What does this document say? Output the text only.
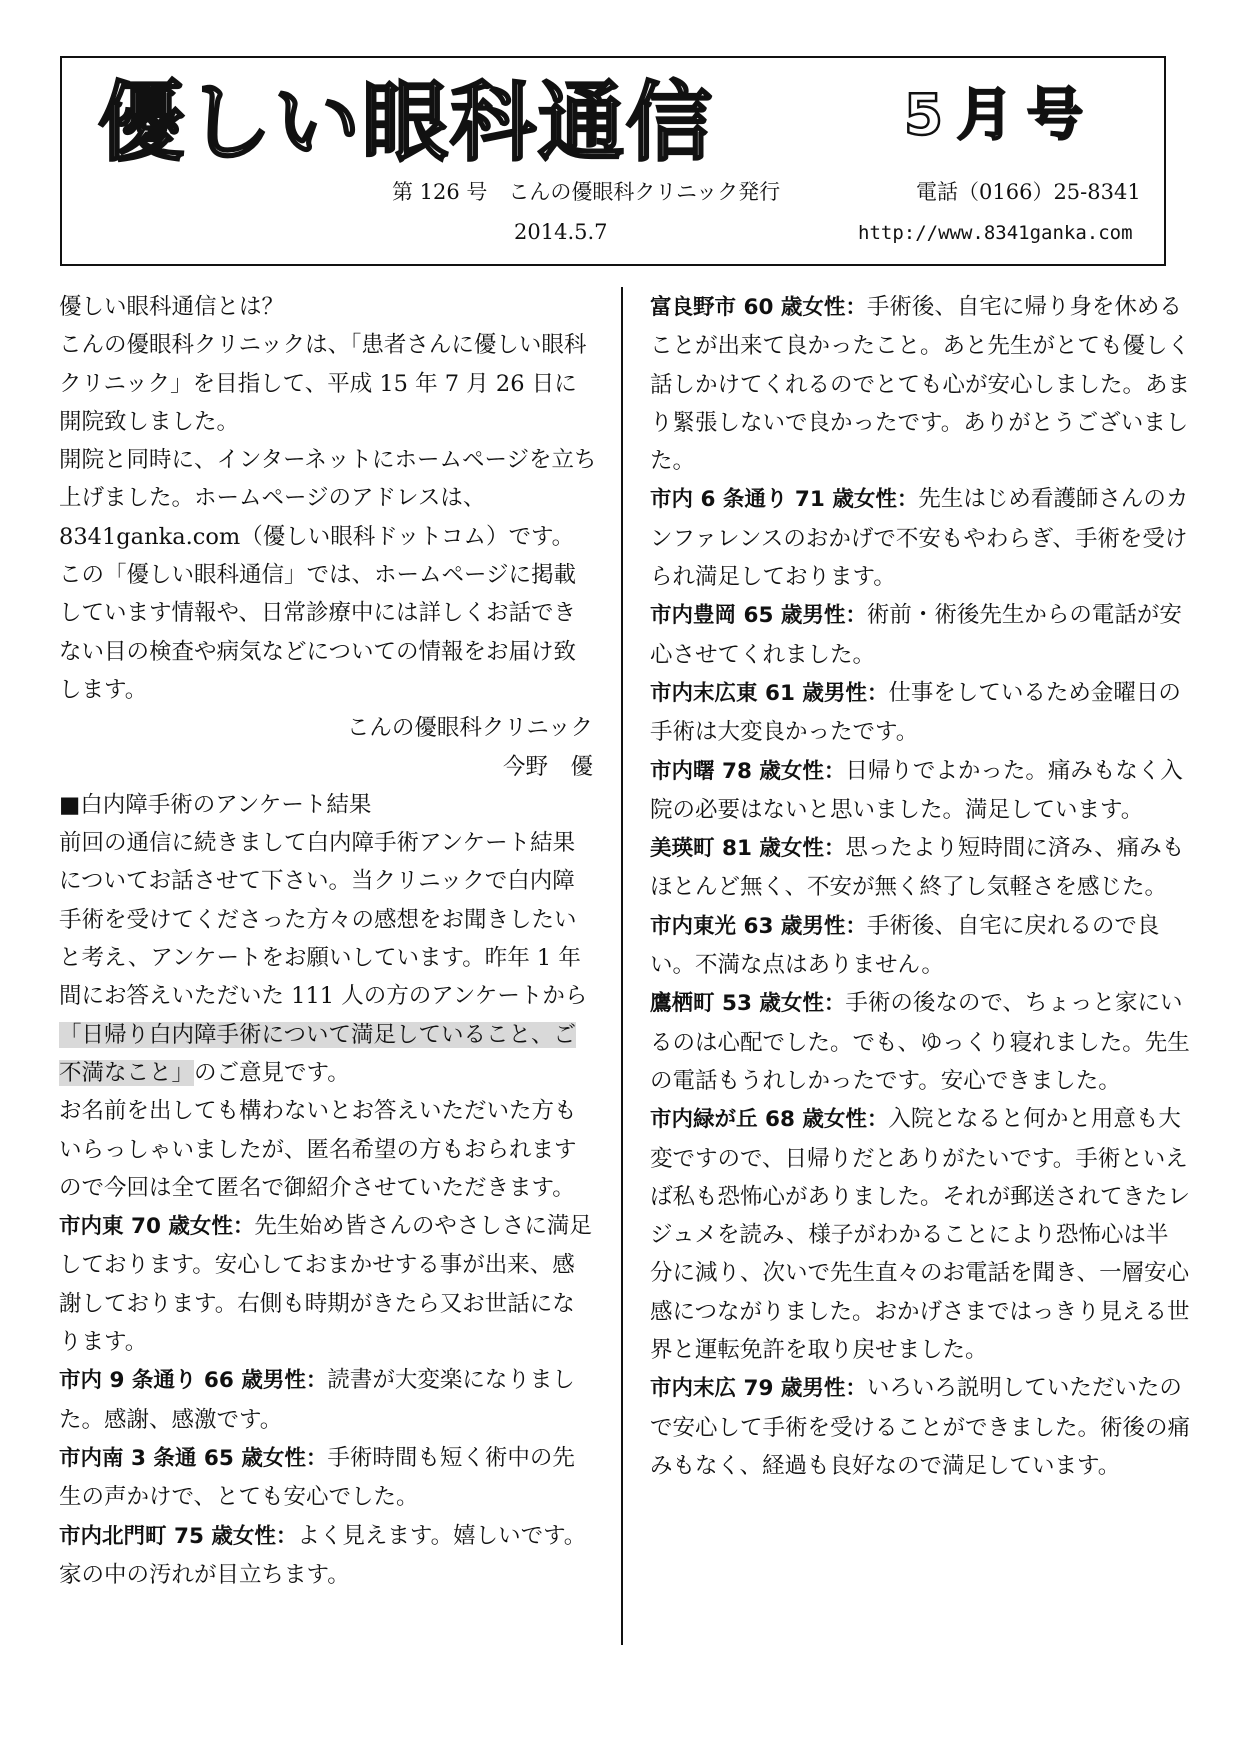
優しい眼科通信	5月号
第 126 号　こんの優眼科クリニック発行	電話（0166）25-8341
2014.5.7	http://www.8341ganka.com

優しい眼科通信とは？

こんの優眼科クリニックは、「患者さんに優しい眼科クリニック」を目指して、平成 15 年 7 月 26 日に開院致しました。

開院と同時に、インターネットにホームページを立ち上げました。ホームページのアドレスは、8341ganka.com（優しい眼科ドットコム）です。

この「優しい眼科通信」では、ホームページに掲載しています情報や、日常診療中には詳しくお話できない目の検査や病気などについての情報をお届け致します。

こんの優眼科クリニック

今野　優

■白内障手術のアンケート結果

前回の通信に続きまして白内障手術アンケート結果についてお話させて下さい。当クリニックで白内障手術を受けてくださった方々の感想をお聞きしたいと考え、アンケートをお願いしています。昨年 1 年間にお答えいただいた 111 人の方のアンケートから「日帰り白内障手術について満足していること、ご不満なこと」のご意見です。

お名前を出しても構わないとお答えいただいた方もいらっしゃいましたが、匿名希望の方もおられますので今回は全て匿名で御紹介させていただきます。

市内東 70 歳女性：先生始め皆さんのやさしさに満足しております。安心しておまかせする事が出来、感謝しております。右側も時期がきたら又お世話になります。

市内 9 条通り 66 歳男性：読書が大変楽になりました。感謝、感激です。

市内南 3 条通 65 歳女性：手術時間も短く術中の先生の声かけで、とても安心でした。

市内北門町 75 歳女性：よく見えます。嬉しいです。家の中の汚れが目立ちます。

富良野市 60 歳女性：手術後、自宅に帰り身を休めることが出来て良かったこと。あと先生がとても優しく話しかけてくれるのでとても心が安心しました。あまり緊張しないで良かったです。ありがとうございました。

市内 6 条通り 71 歳女性：先生はじめ看護師さんのカンファレンスのおかげで不安もやわらぎ、手術を受けられ満足しております。

市内豊岡 65 歳男性：術前・術後先生からの電話が安心させてくれました。

市内末広東 61 歳男性：仕事をしているため金曜日の手術は大変良かったです。

市内曙 78 歳女性：日帰りでよかった。痛みもなく入院の必要はないと思いました。満足しています。

美瑛町 81 歳女性：思ったより短時間に済み、痛みもほとんど無く、不安が無く終了し気軽さを感じた。

市内東光 63 歳男性：手術後、自宅に戻れるので良い。不満な点はありません。

鷹栖町 53 歳女性：手術の後なので、ちょっと家にいるのは心配でした。でも、ゆっくり寝れました。先生の電話もうれしかったです。安心できました。

市内緑が丘 68 歳女性：入院となると何かと用意も大変ですので、日帰りだとありがたいです。手術といえば私も恐怖心がありました。それが郵送されてきたレジュメを読み、様子がわかることにより恐怖心は半分に減り、次いで先生直々のお電話を聞き、一層安心感につながりました。おかげさまではっきり見える世界と運転免許を取り戻せました。

市内末広 79 歳男性：いろいろ説明していただいたので安心して手術を受けることができました。術後の痛みもなく、経過も良好なので満足しています。
